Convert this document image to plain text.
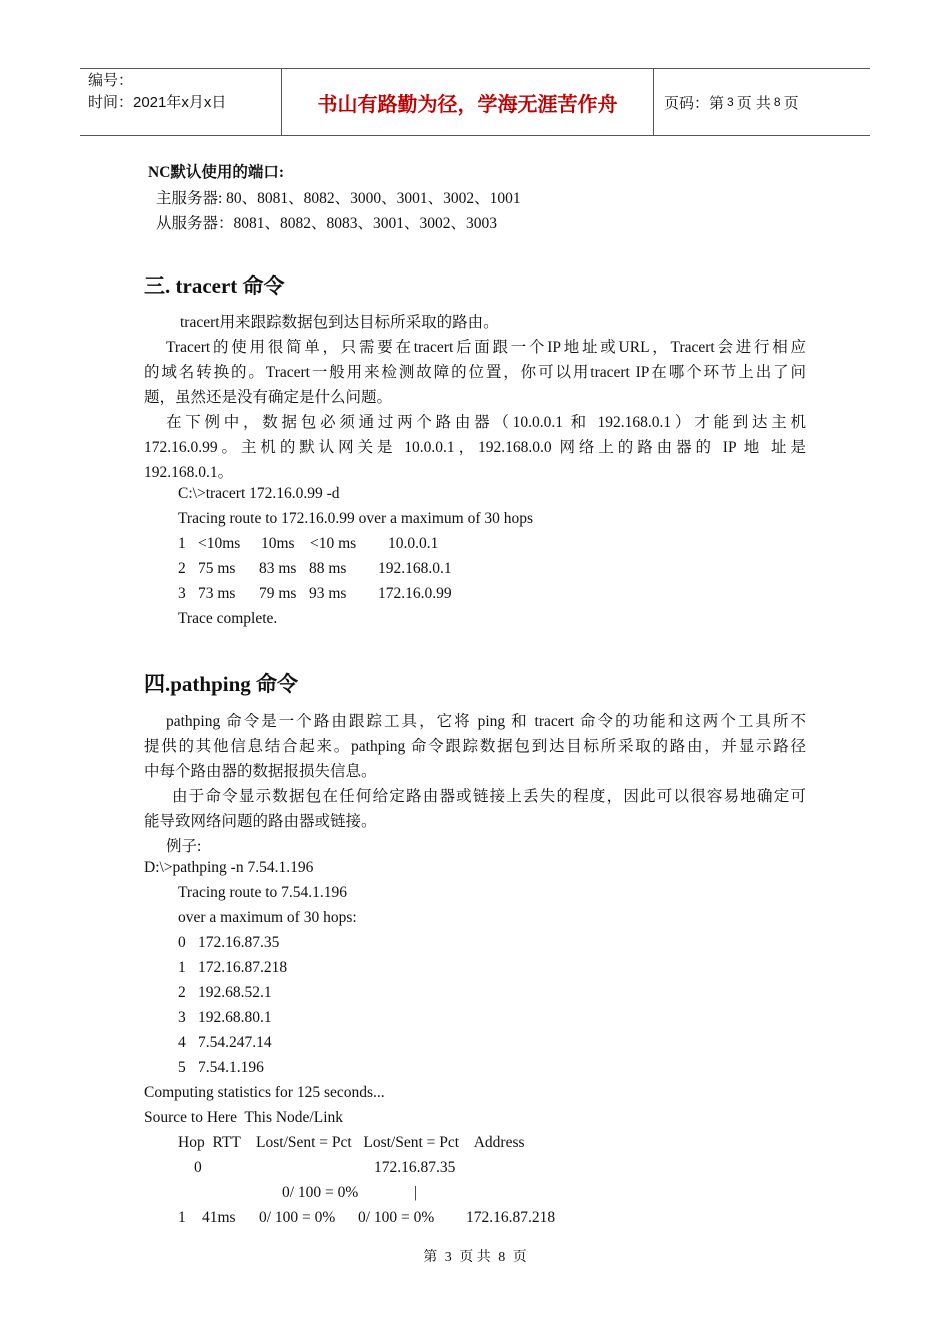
编号：
时间：2021年x月x日	书山有路勤为径，学海无涯苦作舟	页码：第 3 页 共 8 页
NC默认使用的端口:
主服务器: 80、8081、8082、3000、3001、3002、1001
从服务器：8081、8082、8083、3001、3002、3003
三. tracert 命令
tracert用来跟踪数据包到达目标所采取的路由。
Tracert的使用很简单，只需要在tracert后面跟一个IP地址或URL，Tracert会进行相应
的域名转换的。Tracert一般用来检测故障的位置，你可以用tracert IP在哪个环节上出了问
题，虽然还是没有确定是什么问题。
在下例中，数据包必须通过两个路由器（10.0.0.1 和 192.168.0.1）才能到达主机
172.16.0.99。主机的默认网关是 10.0.0.1，192.168.0.0 网络上的路由器的 IP 地 址是
192.168.0.1。
C:\>tracert 172.16.0.99 -d
Tracing route to 172.16.0.99 over a maximum of 30 hops
1 <10ms 10ms <10 ms 10.0.0.1
2 75 ms 83 ms 88 ms 192.168.0.1
3 73 ms 79 ms 93 ms 172.16.0.99
Trace complete.
四.pathping 命令
pathping 命令是一个路由跟踪工具，它将 ping 和 tracert 命令的功能和这两个工具所不
提供的其他信息结合起来。pathping 命令跟踪数据包到达目标所采取的路由，并显示路径
中每个路由器的数据报损失信息。
由于命令显示数据包在任何给定路由器或链接上丢失的程度，因此可以很容易地确定可
能导致网络问题的路由器或链接。
例子:
D:\>pathping -n 7.54.1.196
Tracing route to 7.54.1.196
over a maximum of 30 hops:
0 172.16.87.35
1 172.16.87.218
2 192.68.52.1
3 192.68.80.1
4 7.54.247.14
5 7.54.1.196
Computing statistics for 125 seconds...
Source to Here  This Node/Link
Hop  RTT    Lost/Sent = Pct   Lost/Sent = Pct    Address
0	172.16.87.35
0/ 100 = 0%	|
1 41ms 0/ 100 = 0% 0/ 100 = 0% 172.16.87.218
第 3 页 共 8 页
